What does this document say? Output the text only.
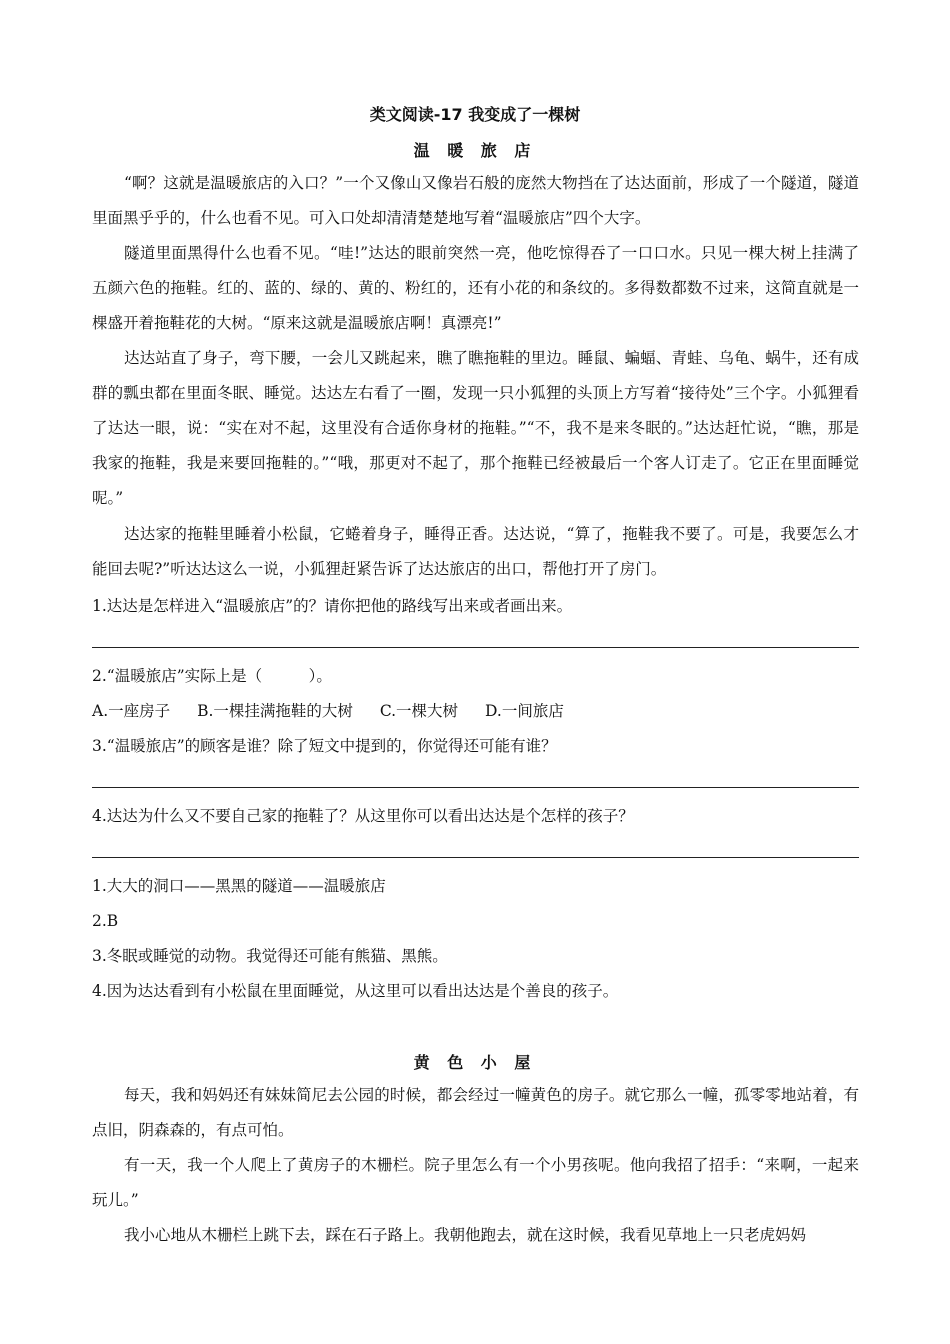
类文阅读-17 我变成了一棵树
温 暖 旅 店

“啊？这就是温暖旅店的入口？”一个又像山又像岩石般的庞然大物挡在了达达面前，形成了一个隧道，隧道里面黑乎乎的，什么也看不见。可入口处却清清楚楚地写着“温暖旅店”四个大字。

隧道里面黑得什么也看不见。“哇!”达达的眼前突然一亮，他吃惊得吞了一口口水。只见一棵大树上挂满了五颜六色的拖鞋。红的、蓝的、绿的、黄的、粉红的，还有小花的和条纹的。多得数都数不过来，这简直就是一棵盛开着拖鞋花的大树。“原来这就是温暖旅店啊！真漂亮!”

达达站直了身子，弯下腰，一会儿又跳起来，瞧了瞧拖鞋的里边。睡鼠、蝙蝠、青蛙、乌龟、蜗牛，还有成群的瓢虫都在里面冬眠、睡觉。达达左右看了一圈，发现一只小狐狸的头顶上方写着“接待处”三个字。小狐狸看了达达一眼，说：“实在对不起，这里没有合适你身材的拖鞋。”“不，我不是来冬眠的。”达达赶忙说，“瞧，那是我家的拖鞋，我是来要回拖鞋的。”“哦，那更对不起了，那个拖鞋已经被最后一个客人订走了。它正在里面睡觉呢。”

达达家的拖鞋里睡着小松鼠，它蜷着身子，睡得正香。达达说，“算了，拖鞋我不要了。可是，我要怎么才能回去呢?”听达达这么一说，小狐狸赶紧告诉了达达旅店的出口，帮他打开了房门。

1.达达是怎样进入“温暖旅店”的？请你把他的路线写出来或者画出来。

2.“温暖旅店”实际上是（　　　）。

A.一座房子 B.一棵挂满拖鞋的大树 C.一棵大树 D.一间旅店

3.“温暖旅店”的顾客是谁？除了短文中提到的，你觉得还可能有谁？

4.达达为什么又不要自己家的拖鞋了？从这里你可以看出达达是个怎样的孩子？

1.大大的洞口——黑黑的隧道——温暖旅店

2.B

3.冬眠或睡觉的动物。我觉得还可能有熊猫、黑熊。

4.因为达达看到有小松鼠在里面睡觉，从这里可以看出达达是个善良的孩子。

黄 色 小 屋

每天，我和妈妈还有妹妹简尼去公园的时候，都会经过一幢黄色的房子。就它那么一幢，孤零零地站着，有点旧，阴森森的，有点可怕。

有一天，我一个人爬上了黄房子的木栅栏。院子里怎么有一个小男孩呢。他向我招了招手：“来啊，一起来玩儿。”

我小心地从木栅栏上跳下去，踩在石子路上。我朝他跑去，就在这时候，我看见草地上一只老虎妈妈
